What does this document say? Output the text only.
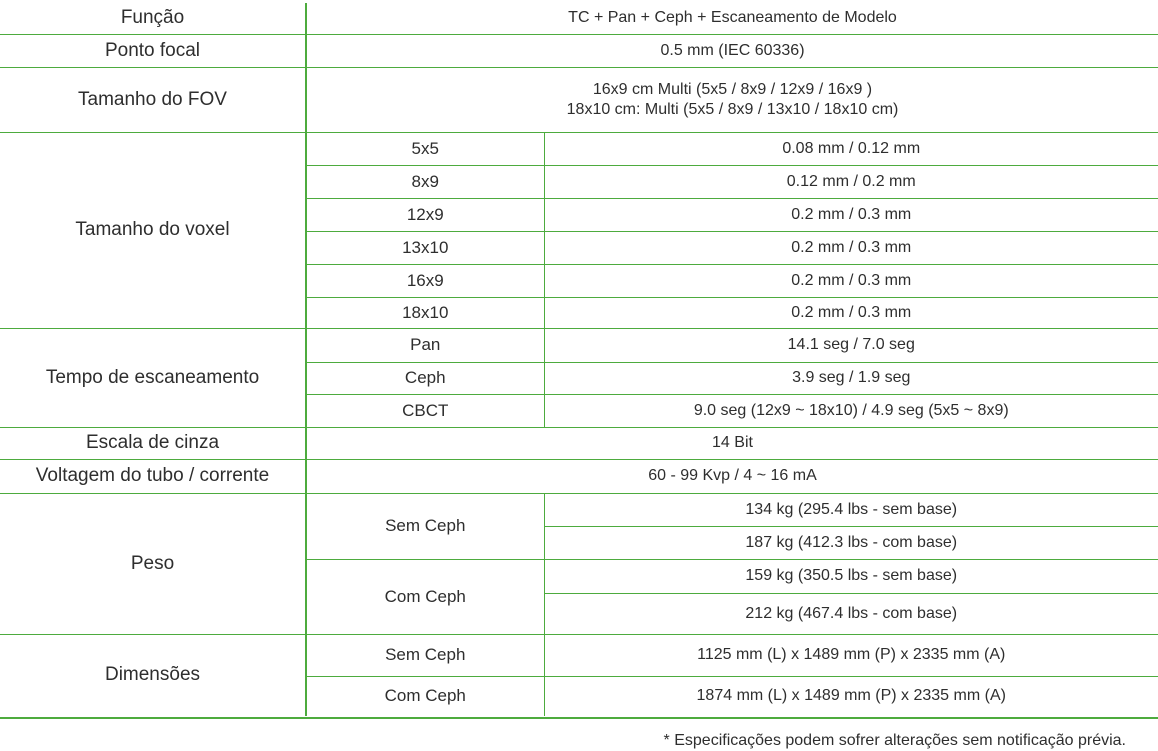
Função	TC + Pan + Ceph + Escaneamento de Modelo	
Ponto focal	0.5 mm (IEC 60336)	
Tamanho do FOV	16x9 cm Multi (5x5 / 8x9 / 12x9 / 16x9 )
18x10 cm: Multi (5x5 / 8x9 / 13x10 / 18x10 cm)	

Tamanho do voxel	5x5	0.08 mm / 0.12 mm
	8x9	0.12 mm / 0.2 mm
	12x9	0.2 mm / 0.3 mm
	13x10	0.2 mm / 0.3 mm
	16x9	0.2 mm / 0.3 mm
	18x10	0.2 mm / 0.3 mm
Tempo de escaneamento	Pan	14.1 seg / 7.0 seg
	Ceph	3.9 seg / 1.9 seg
	CBCT	9.0 seg (12x9 ~ 18x10) / 4.9 seg (5x5 ~ 8x9)
Escala de cinza	14 Bit	
Voltagem do tubo / corrente	60 - 99 Kvp / 4 ~ 16 mA	
Peso	Sem Ceph	134 kg (295.4 lbs - sem base)
		187 kg (412.3 lbs - com base)
	Com Ceph	159 kg (350.5 lbs - sem base)
		212 kg (467.4 lbs - com base)
Dimensões	Sem Ceph	1125 mm (L) x 1489 mm (P) x 2335 mm (A)
	Com Ceph	1874 mm (L) x 1489 mm (P) x 2335 mm (A)
* Especificações podem sofrer alterações sem notificação prévia.
